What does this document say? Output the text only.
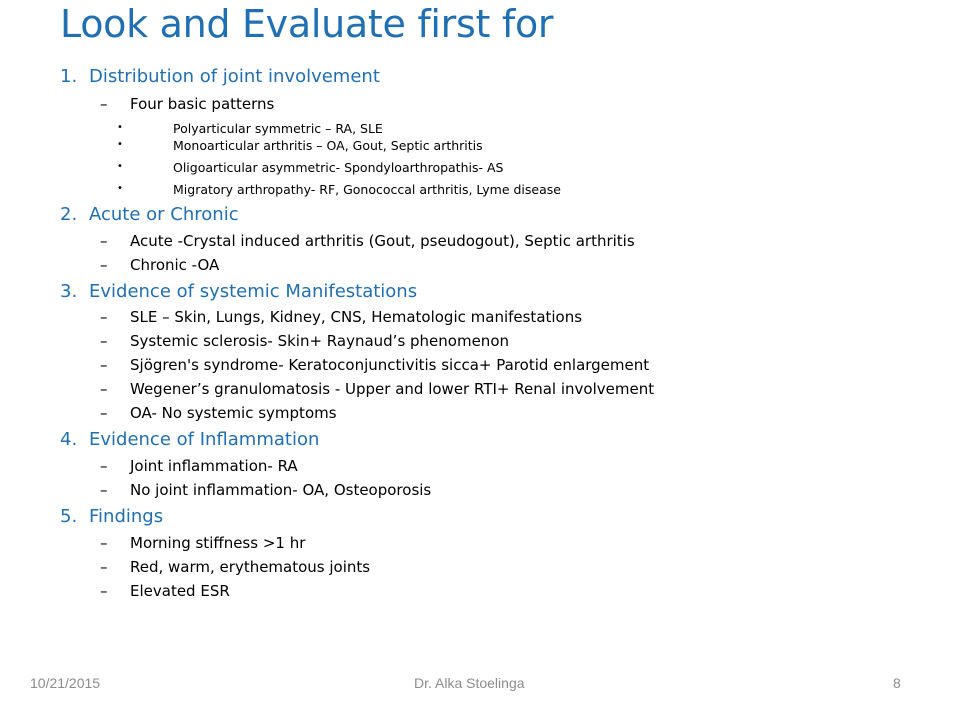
Look and Evaluate first for
1. Distribution of joint involvement
– Four basic patterns
•	Polyarticular symmetric – RA, SLE
•	Monoarticular arthritis – OA, Gout, Septic arthritis
•	Oligoarticular asymmetric- Spondyloarthropathis- AS
•	Migratory arthropathy- RF, Gonococcal arthritis, Lyme disease
2. Acute or Chronic
– Acute -Crystal induced arthritis (Gout, pseudogout), Septic arthritis
– Chronic -OA
3. Evidence of systemic Manifestations
– SLE – Skin, Lungs, Kidney, CNS, Hematologic manifestations
– Systemic sclerosis- Skin+ Raynaud’s phenomenon
– Sjögren's syndrome- Keratoconjunctivitis sicca+ Parotid enlargement
– Wegener’s granulomatosis - Upper and lower RTI+ Renal involvement
– OA- No systemic symptoms
4. Evidence of Inflammation
– Joint inflammation- RA
– No joint inflammation- OA, Osteoporosis
5. Findings
– Morning stiffness >1 hr
– Red, warm, erythematous joints
– Elevated ESR
10/21/2015	Dr. Alka Stoelinga	8
